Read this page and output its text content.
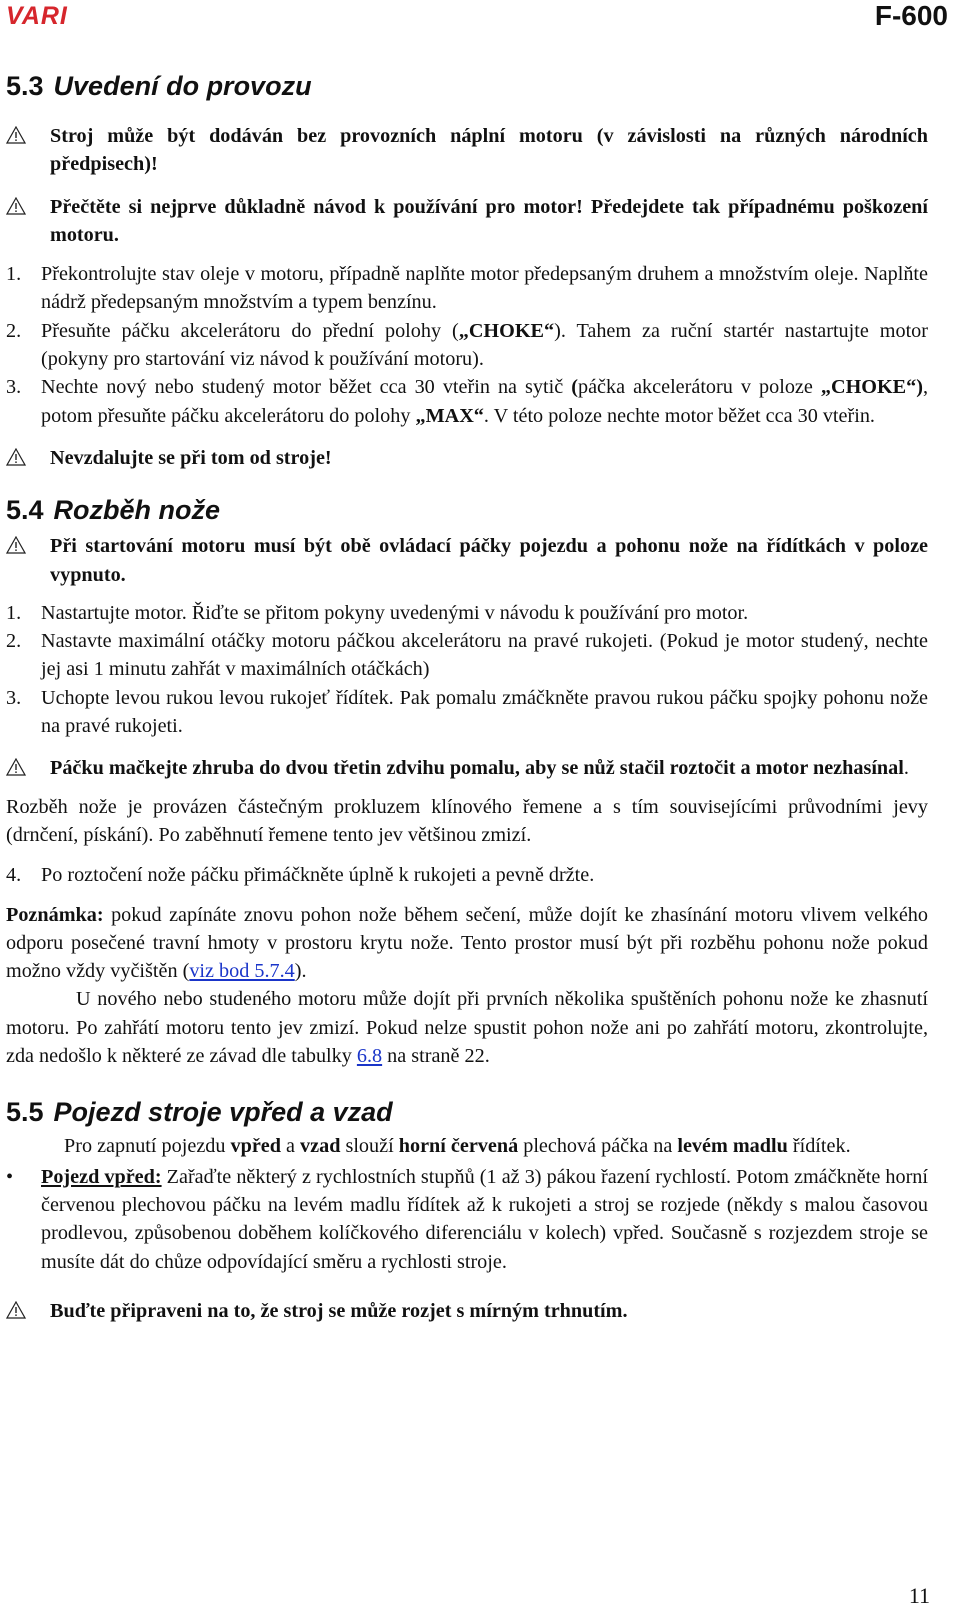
VARI	F-600
5.3 Uvedení do provozu
Stroj může být dodáván bez provozních náplní motoru (v závislosti na různých národních předpisech)!
Přečtěte si nejprve důkladně návod k používání pro motor! Předejdete tak případnému poškození motoru.
1. Překontrolujte stav oleje v motoru, případně naplňte motor předepsaným druhem a množstvím oleje. Naplňte nádrž předepsaným množstvím a typem benzínu.
2. Přesuňte páčku akcelerátoru do přední polohy („CHOKE“). Tahem za ruční startér nastartujte motor (pokyny pro startování viz návod k používání motoru).
3. Nechte nový nebo studený motor běžet cca 30 vteřin na sytič (páčka akcelerátoru v poloze „CHOKE“), potom přesuňte páčku akcelerátoru do polohy „MAX“. V této poloze nechte motor běžet cca 30 vteřin.
Nevzdalujte se při tom od stroje!
5.4 Rozběh nože
Při startování motoru musí být obě ovládací páčky pojezdu a pohonu nože na řídítkách v poloze vypnuto.
1. Nastartujte motor. Řiďte se přitom pokyny uvedenými v návodu k používání pro motor.
2. Nastavte maximální otáčky motoru páčkou akcelerátoru na pravé rukojeti. (Pokud je motor studený, nechte jej asi 1 minutu zahřát v maximálních otáčkách)
3. Uchopte levou rukou levou rukojeť řídítek. Pak pomalu zmáčkněte pravou rukou páčku spojky pohonu nože na pravé rukojeti.
Páčku mačkejte zhruba do dvou třetin zdvihu pomalu, aby se nůž stačil roztočit a motor nezhasínal.

Rozběh nože je provázen částečným prokluzem klínového řemene a s tím souvisejícími průvodními jevy (drnčení, pískání). Po zaběhnutí řemene tento jev většinou zmizí.

4. Po roztočení nože páčku přimáčkněte úplně k rukojeti a pevně držte.

Poznámka: pokud zapínáte znovu pohon nože během sečení, může dojít ke zhasínání motoru vlivem velkého odporu posečené travní hmoty v prostoru krytu nože. Tento prostor musí být při rozběhu pohonu nože pokud možno vždy vyčištěn (viz bod 5.7.4).

U nového nebo studeného motoru může dojít při prvních několika spuštěních pohonu nože ke zhasnutí motoru. Po zahřátí motoru tento jev zmizí. Pokud nelze spustit pohon nože ani po zahřátí motoru, zkontrolujte, zda nedošlo k některé ze závad dle tabulky 6.8 na straně 22.

5.5 Pojezd stroje vpřed a vzad

Pro zapnutí pojezdu vpřed a vzad slouží horní červená plechová páčka na levém madlu řídítek.

•	Pojezd vpřed: Zařaďte některý z rychlostních stupňů (1 až 3) pákou řazení rychlostí. Potom zmáčkněte horní červenou plechovou páčku na levém madlu řídítek až k rukojeti a stroj se rozjede (někdy s malou časovou prodlevou, způsobenou doběhem kolíčkového diferenciálu v kolech) vpřed. Současně s rozjezdem stroje se musíte dát do chůze odpovídající směru a rychlosti stroje.
Buďte připraveni na to, že stroj se může rozjet s mírným trhnutím.
11
